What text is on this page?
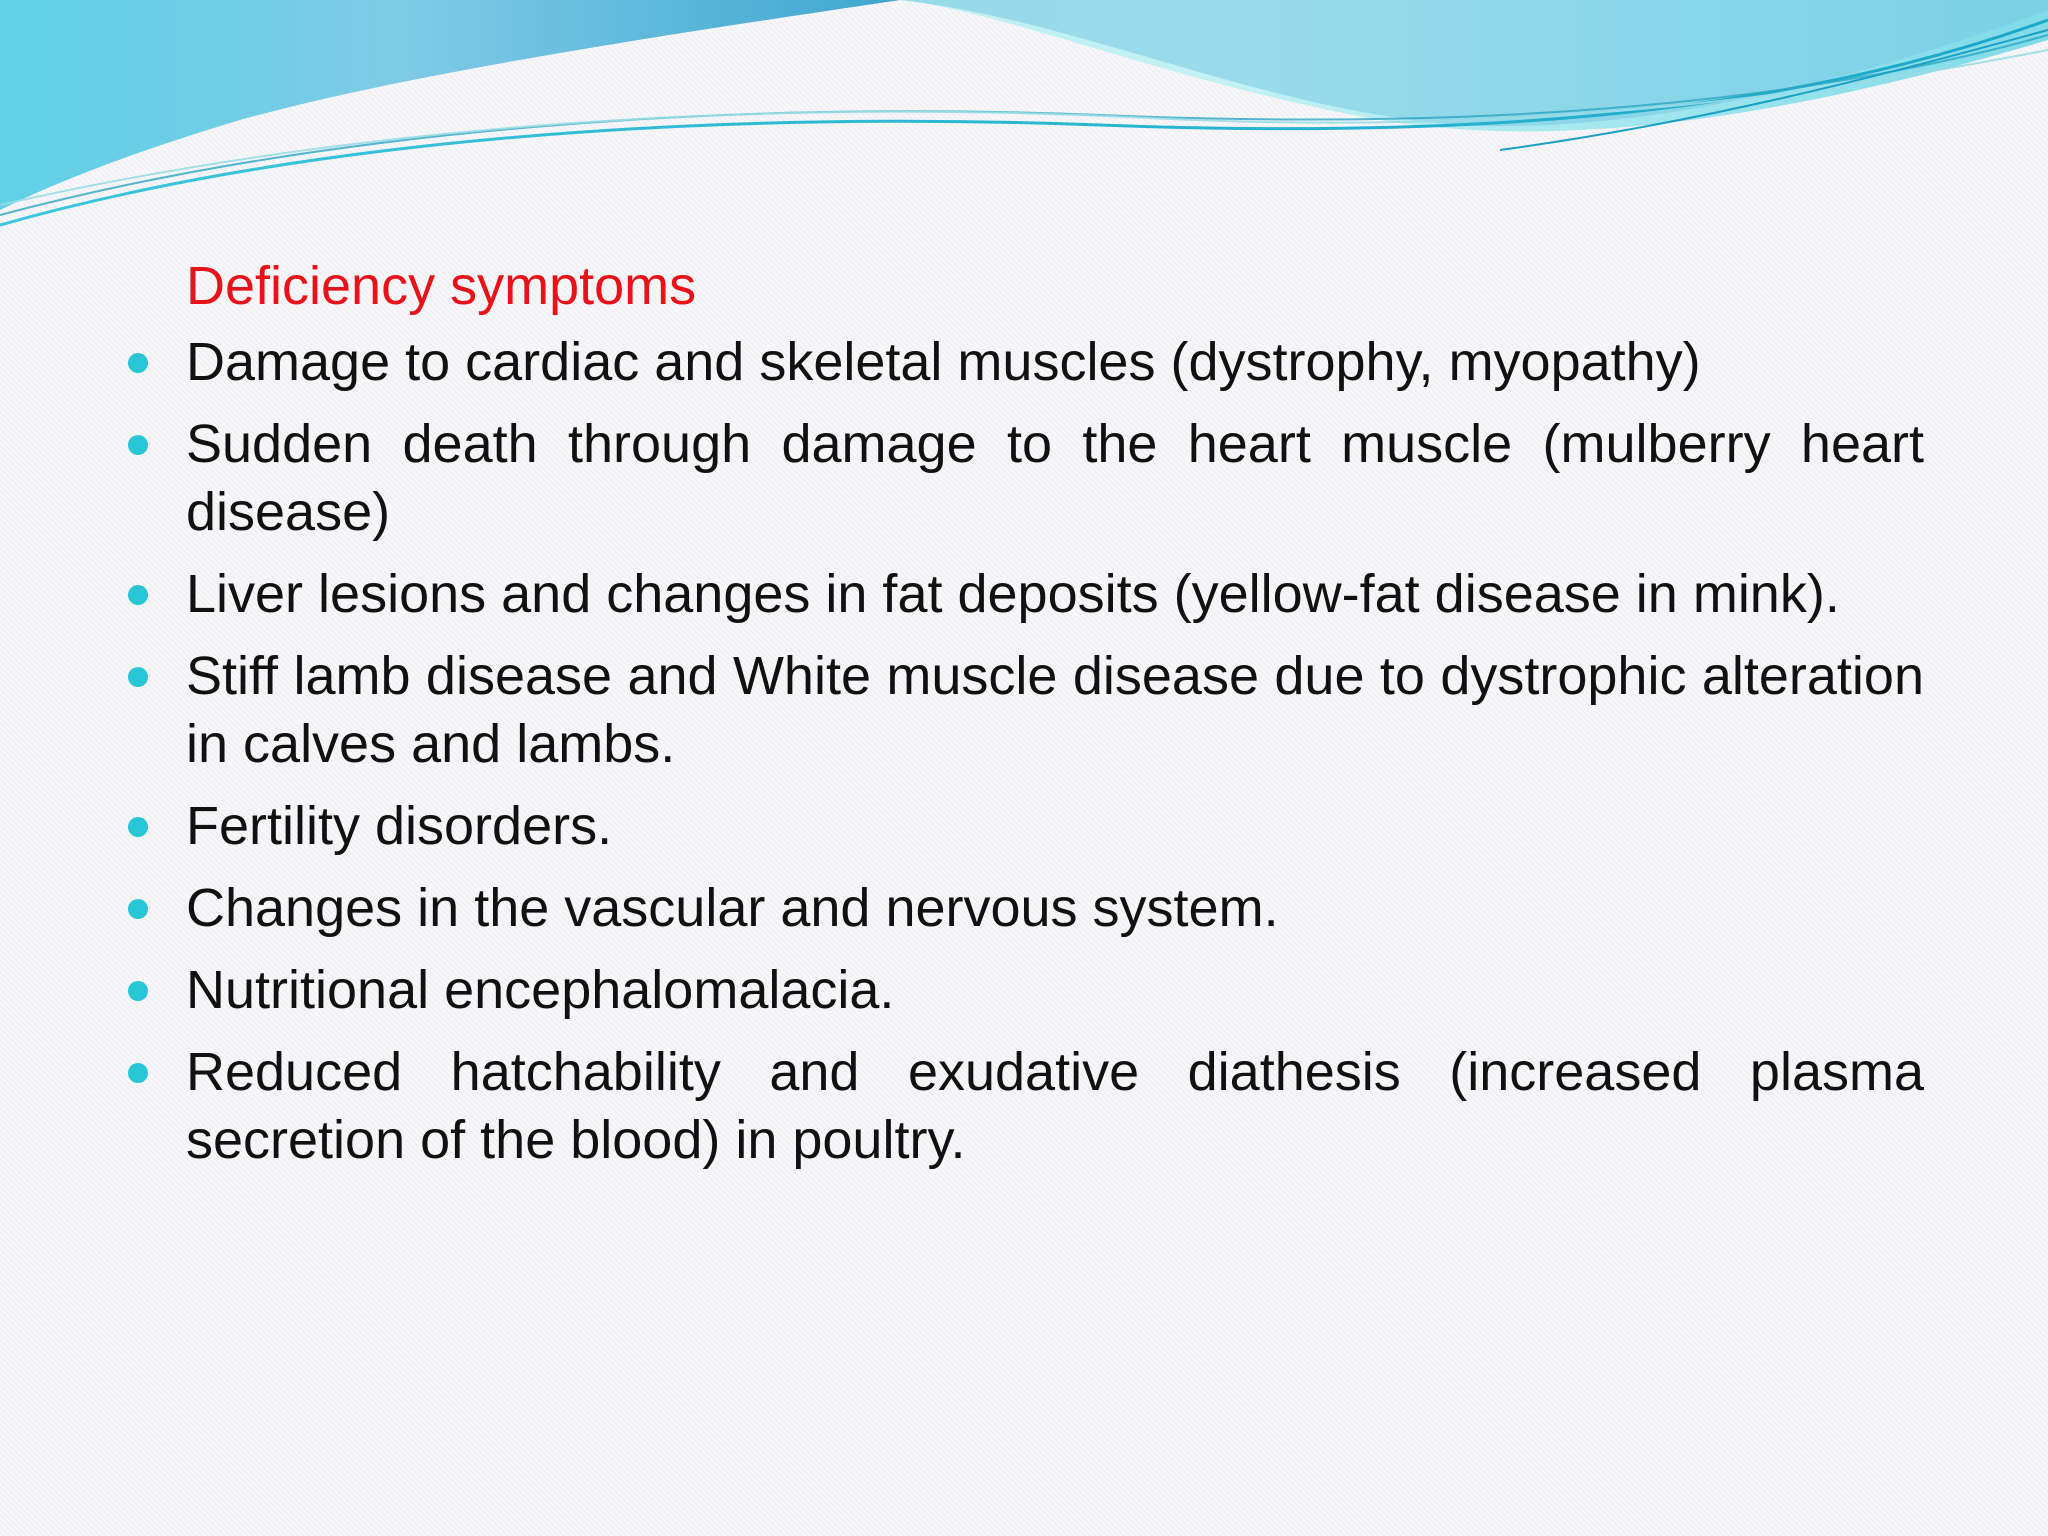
Deficiency symptoms
Damage to cardiac and skeletal muscles (dystrophy, myopathy)
Sudden death through damage to the heart muscle (mulberry heart disease)
Liver lesions and changes in fat deposits (yellow-fat disease in mink).
Stiff lamb disease and White muscle disease due to dystrophic alteration in calves and lambs.
Fertility disorders.
Changes in the vascular and nervous system.
Nutritional encephalomalacia.
Reduced hatchability and exudative diathesis (increased plasma secretion of the blood) in poultry.
